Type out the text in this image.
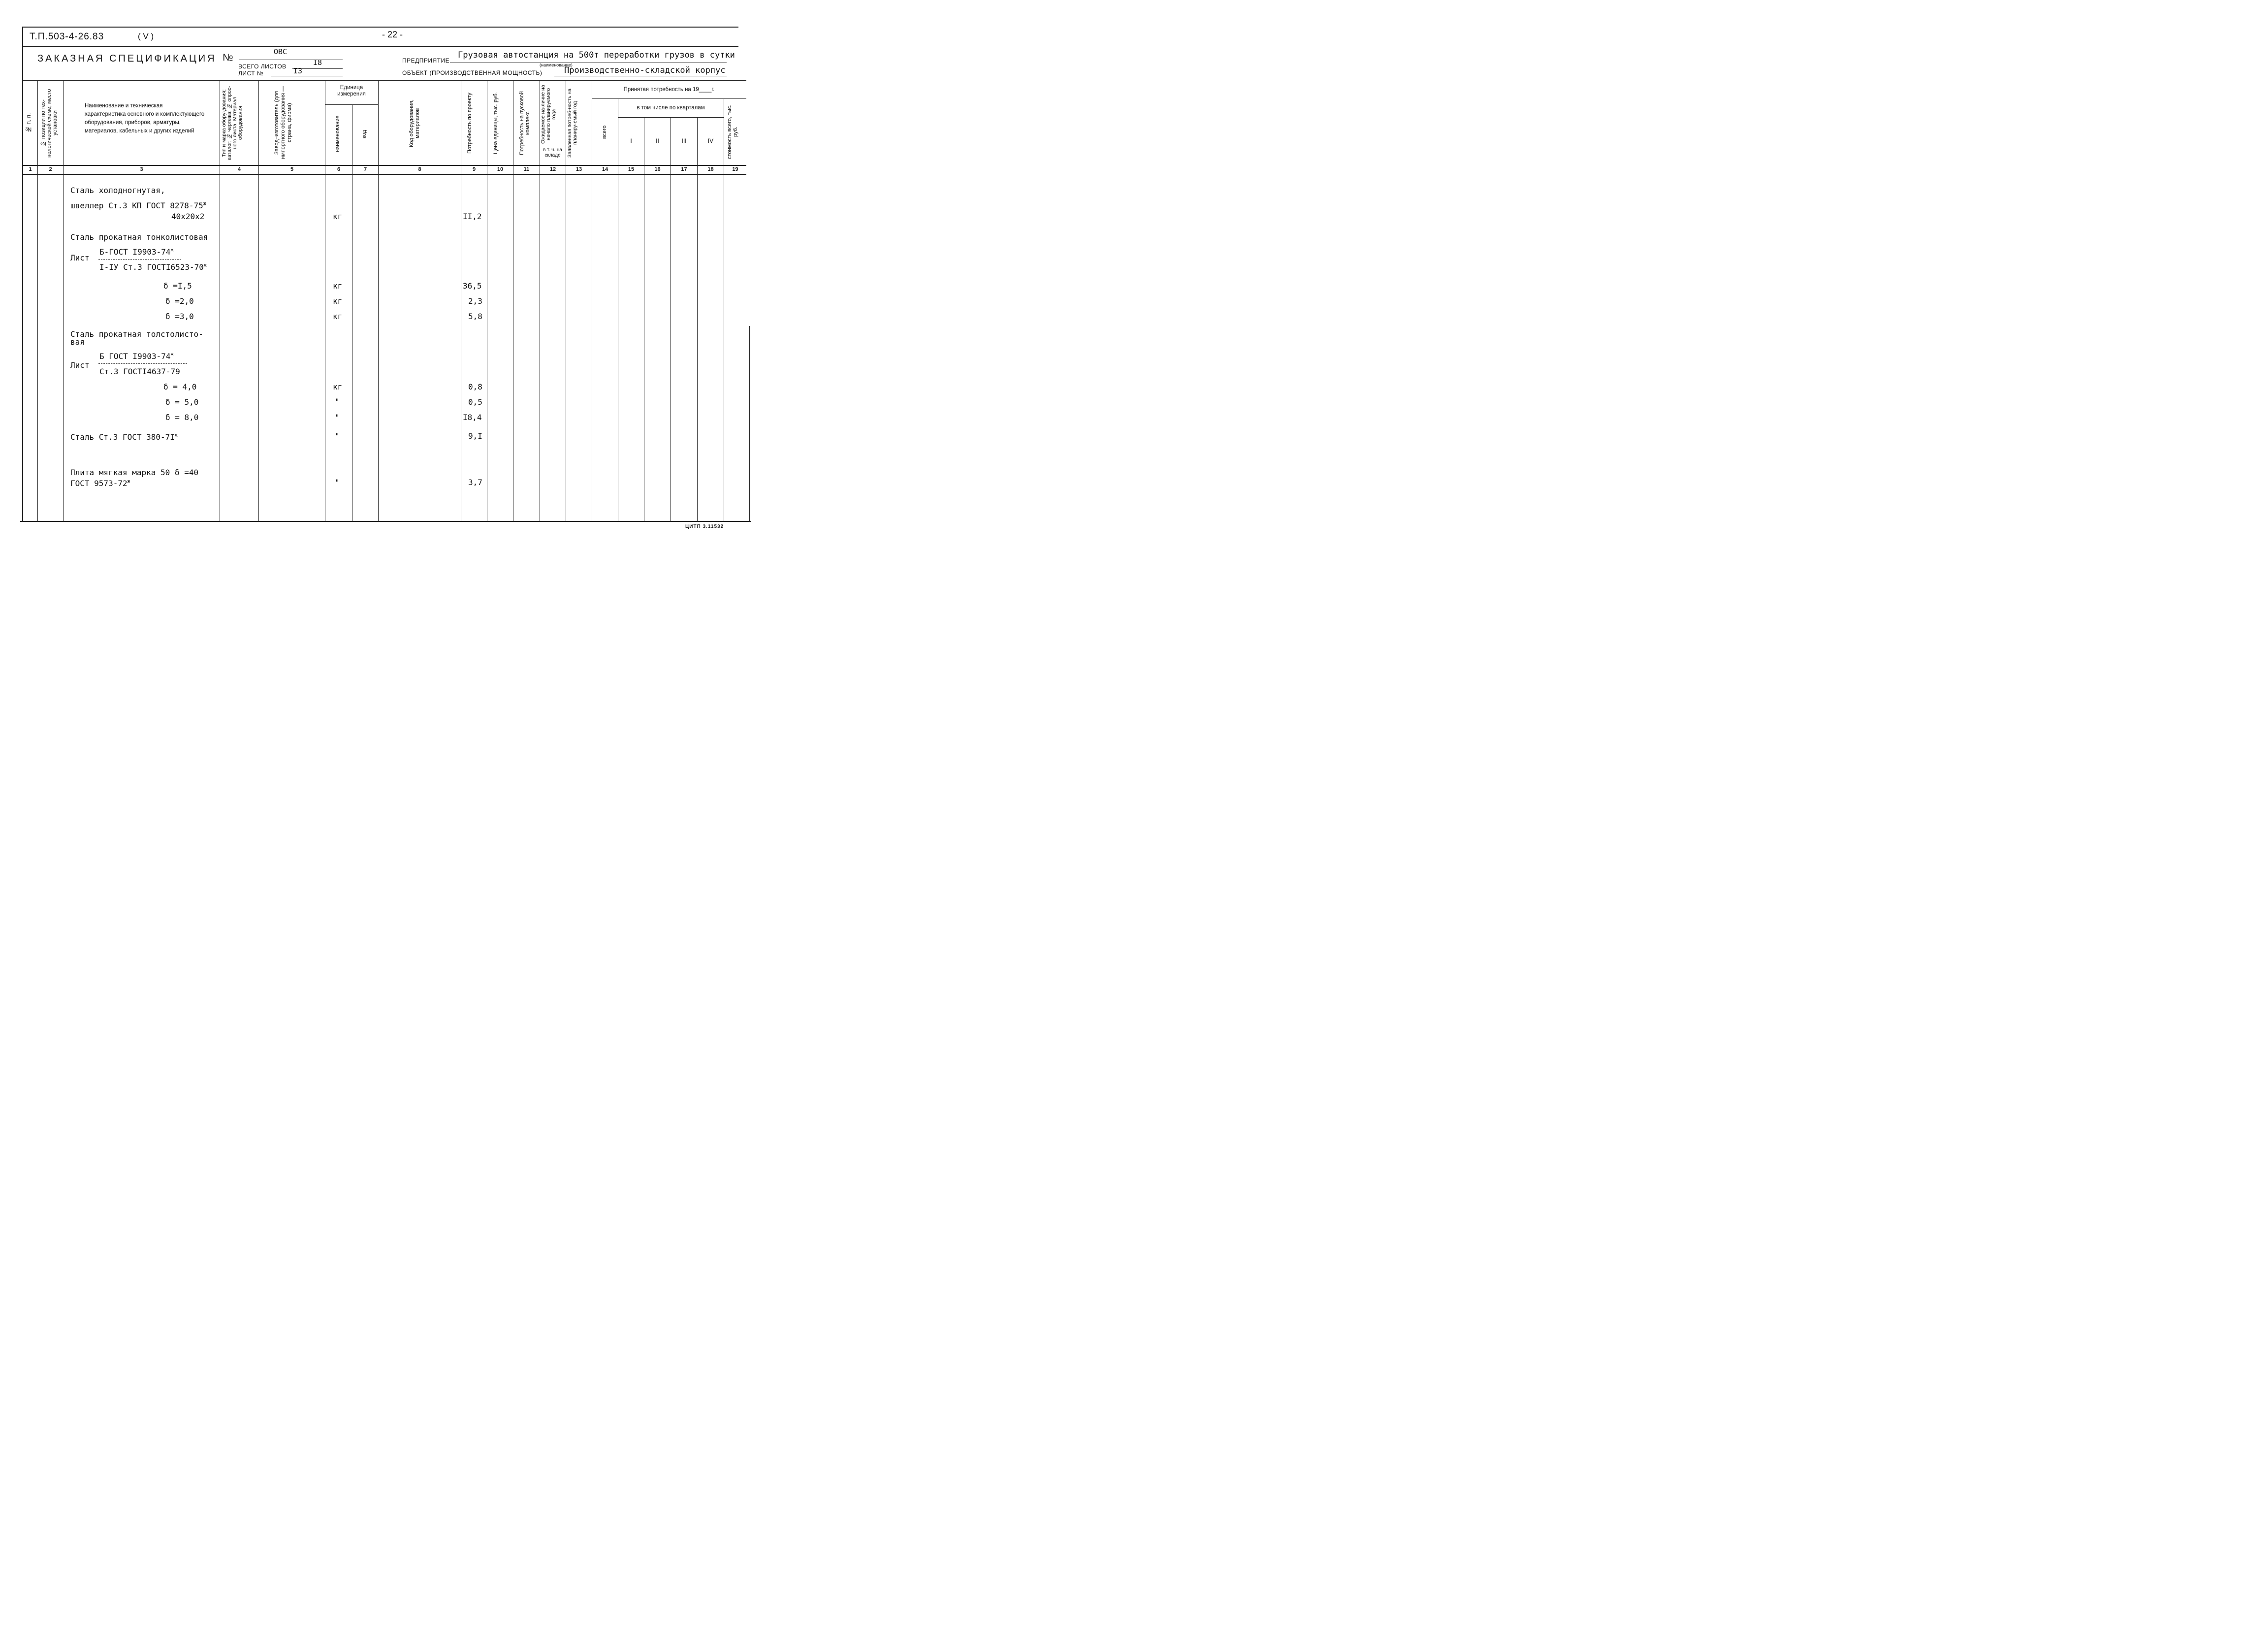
Т.П.503-4-26.83	( V )	- 22 -
ЗАКАЗНАЯ СПЕЦИФИКАЦИЯ №
ОВС
ВСЕГО ЛИСТОВ	I8
ЛИСТ №	I3
ПРЕДПРИЯТИЕ
Грузовая автостанция на 500т переработки грузов в сутки
(наименование)
ОБЪЕКТ (ПРОИЗВОДСТВЕННАЯ МОЩНОСТЬ)	Производственно-складской корпус
№ п. п.	№ позиции по тех-нологической схеме; место установки
Наименование и техническая характеристика основного и комплектующего оборудования, приборов, арматуры, материалов, кабельных и других изделий	Тип и марка обору-дования; каталог; № чертежа; № опрос-ного листа. Материал оборудования	Завод–изготовитель (для импортного оборудования —страна, фирма)
Единица измерения
наименование	код	Код оборудования, материалов	Потребность по проекту	Цена единицы, тыс. руб.	Потребность на пусковой комплекс	Ожидаемое на-личие на начало планируемого года
в т. ч. на складе	Заявленная потреб-ность на планиру-емый год
Принятая потребность на 19____г.
всего
в том числе по кварталам
I	II	III	IV	стоимость всего, тыс. руб.
1	2	3	4	5	6	7	8	9	10	11	12	13	14	15	16	17	18	19
Сталь холодногнутая,
швеллер Ст.3 КП ГОСТ $8278-75^ж$
40х20х2	кг	II,2
Сталь прокатная тонколистовая
Лист
Б-ГОСТ $I9903-74^ж$
I-IУ Ст.3 $ГОСТI6523-70^ж$
δ =I,5	кг	36,5
δ =2,0	кг	2,3
δ =3,0	кг	5,8
Сталь прокатная толстолисто-
вая
Лист
Б ГОСТ $I9903-74^ж$
Ст.3 ГОСТI4637-79
δ = 4,0	кг	0,8
δ = 5,0	"	0,5
δ = 8,0	"	I8,4
Сталь Ст.3 ГОСТ $380-7I^ж$	"	9,I
Плита мягкая марка 50 δ =40
ГОСТ $9573-72^ж$	"	3,7
ЦИТП 3.11532
